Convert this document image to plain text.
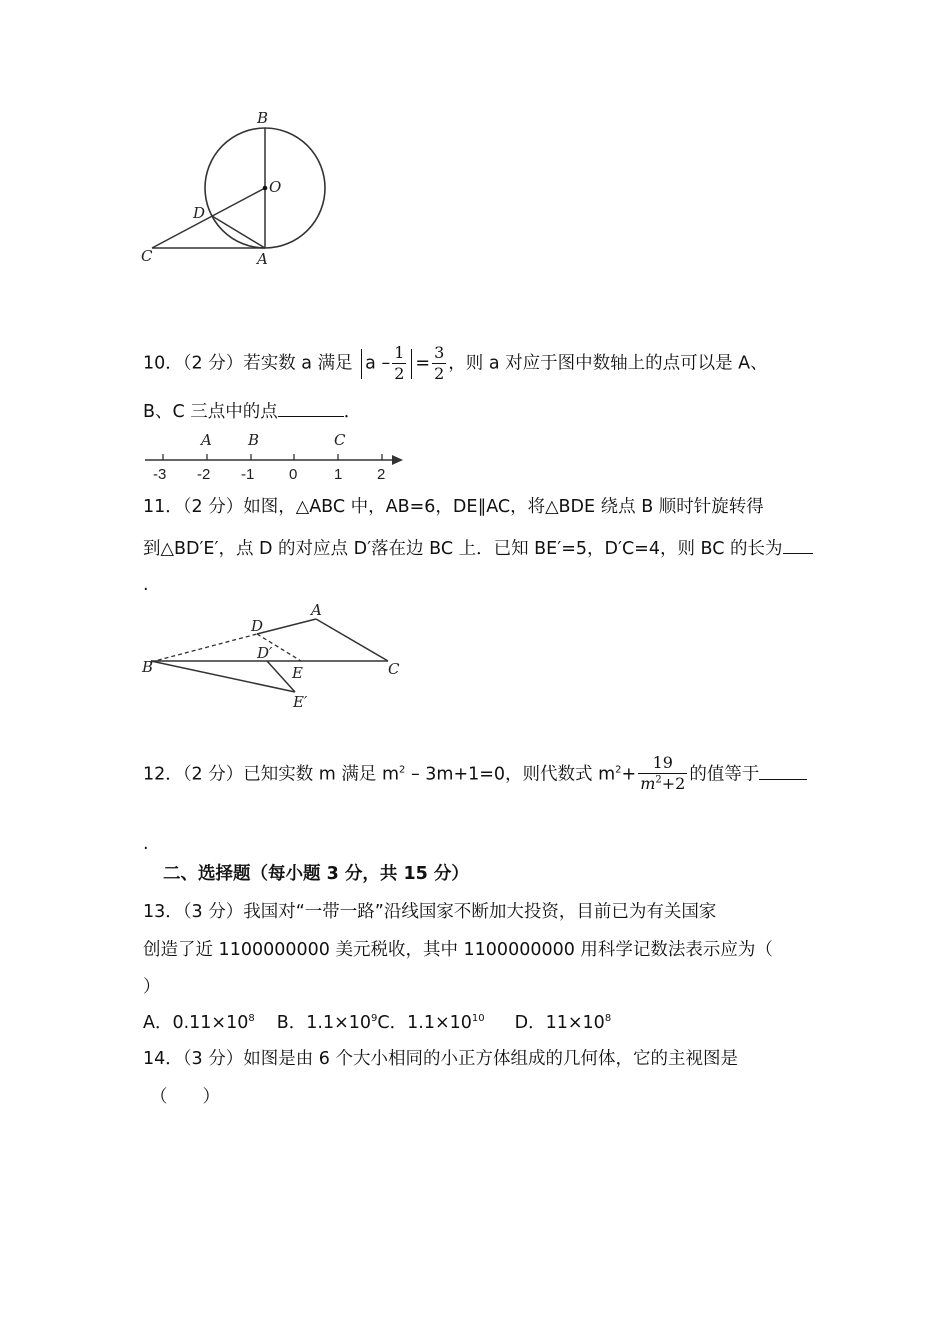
B
O
D
C	A
10．（2 分）若实数 a 满足 $a - \frac{1}{2} = \frac{3}{2}$ ，则 a 对应于图中数轴上的点可以是 A、
B、C 三点中的点	．
-3 -2 -1 0 1 2
A B	C
11．（2 分）如图，△ABC 中，AB=6，DE∥AC，将△BDE 绕点 B 顺时针旋转得
到△BD′E′，点 D 的对应点 D′落在边 BC 上．已知 BE′=5，D′C=4，则 BC 的长为
.
A
D
D′
B	E	C
E′
12．（2 分）已知实数 m 满足 $m^2 - 3m+1=0$，则代数式 $m^2+ \frac{19}{m^2+2}$ 的值等于
.
二、选择题（每小题 3 分，共 15 分）
13．（3 分）我国对“一带一路”沿线国家不断加大投资，目前已为有关国家
创造了近 1100000000 美元税收，其中 1100000000 用科学记数法表示应为（
）
A．$0.11\times 10^8$ B．$1.1\times 10^9C$．$1.1\times 10^{10}$ D．$11\times 10^8$
14．（3 分）如图是由 6 个大小相同的小正方体组成的几何体，它的主视图是
（　　）
